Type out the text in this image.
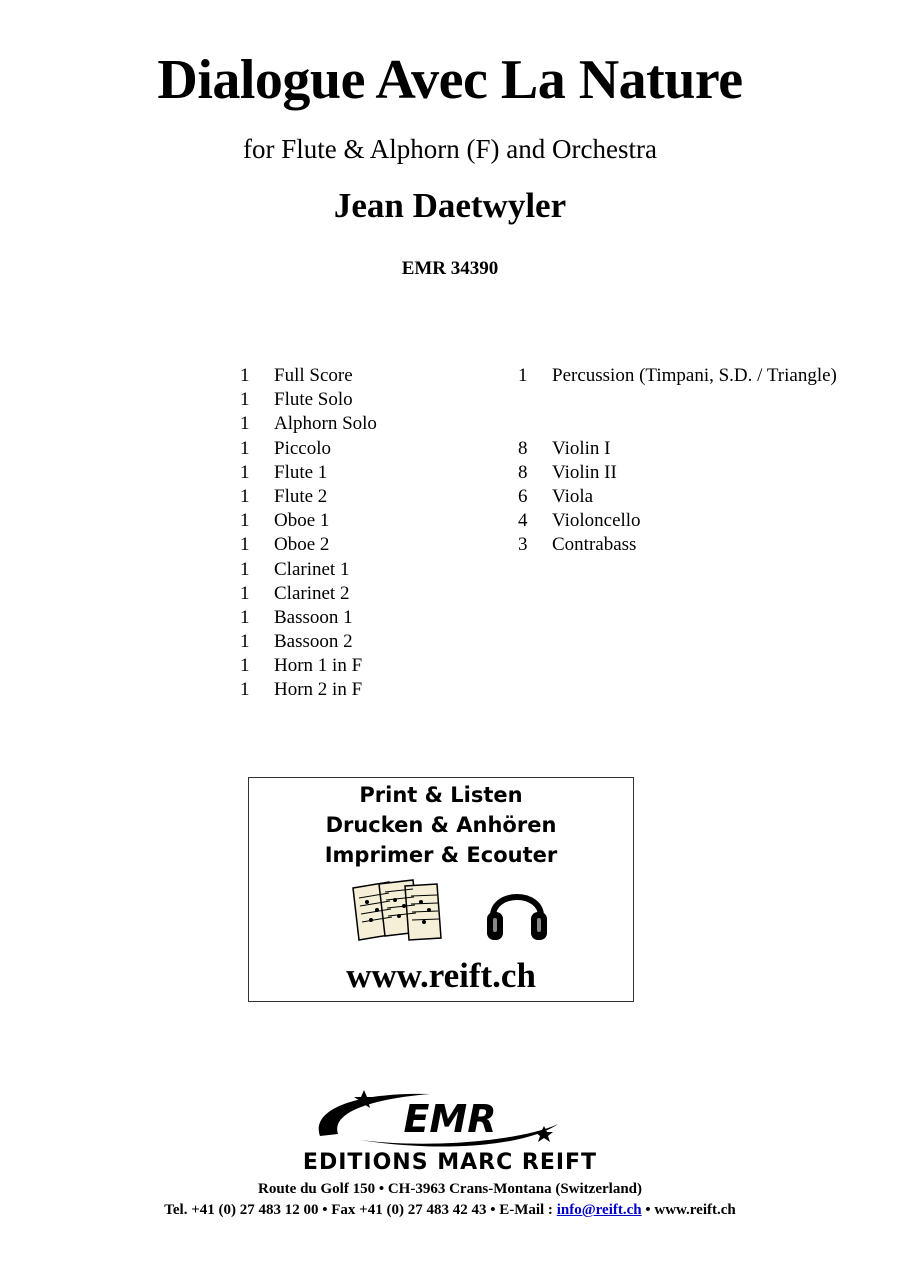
Dialogue Avec La Nature
for Flute & Alphorn (F) and Orchestra
Jean Daetwyler
EMR 34390
1	Full Score
1	Flute Solo
1	Alphorn Solo
1	Piccolo
1	Flute 1
1	Flute 2
1	Oboe 1
1	Oboe 2
1	Clarinet 1
1	Clarinet 2
1	Bassoon 1
1	Bassoon 2
1	Horn 1 in F
1	Horn 2 in F
1	Percussion (Timpani, S.D. / Triangle)
8	Violin I
8	Violin II
6	Viola
4	Violoncello
3	Contrabass
Print & Listen
Drucken & Anhören
Imprimer & Ecouter
www.reift.ch
EMR
EDITIONS MARC REIFT
Route du Golf 150 • CH-3963 Crans-Montana (Switzerland)
Tel. +41 (0) 27 483 12 00 • Fax +41 (0) 27 483 42 43 • E-Mail : info@reift.ch • www.reift.ch
